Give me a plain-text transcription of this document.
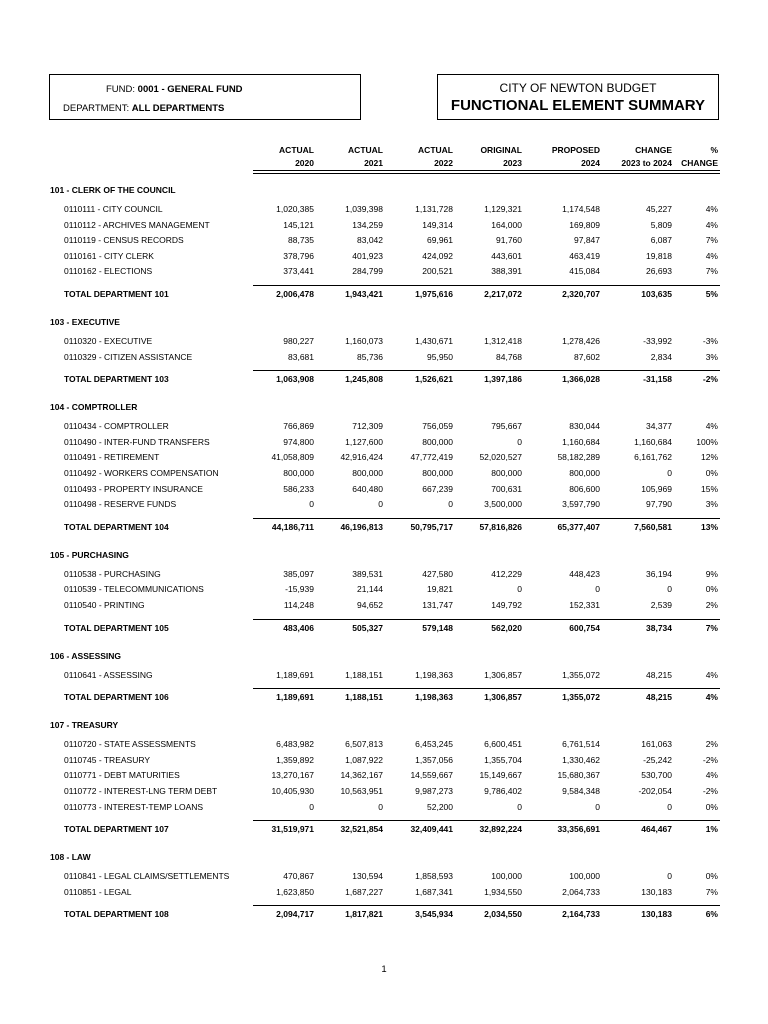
FUND: 0001 - GENERAL FUND
DEPARTMENT: ALL DEPARTMENTS
CITY OF NEWTON BUDGET
FUNCTIONAL ELEMENT SUMMARY
ACTUAL
2020
ACTUAL
2021
ACTUAL
2022
ORIGINAL
2023
PROPOSED
2024
CHANGE
2023 to 2024
%
CHANGE
101 - CLERK OF THE COUNCIL
0110111 - CITY COUNCIL	1,020,385	1,039,398	1,131,728	1,129,321	1,174,548	45,227	4%
0110112 - ARCHIVES MANAGEMENT	145,121	134,259	149,314	164,000	169,809	5,809	4%
0110119 - CENSUS RECORDS	88,735	83,042	69,961	91,760	97,847	6,087	7%
0110161 - CITY CLERK	378,796	401,923	424,092	443,601	463,419	19,818	4%
0110162 - ELECTIONS	373,441	284,799	200,521	388,391	415,084	26,693	7%
TOTAL DEPARTMENT 101	2,006,478	1,943,421	1,975,616	2,217,072	2,320,707	103,635	5%
103 - EXECUTIVE
0110320 - EXECUTIVE	980,227	1,160,073	1,430,671	1,312,418	1,278,426	-33,992	-3%
0110329 - CITIZEN ASSISTANCE	83,681	85,736	95,950	84,768	87,602	2,834	3%
TOTAL DEPARTMENT 103	1,063,908	1,245,808	1,526,621	1,397,186	1,366,028	-31,158	-2%
104 - COMPTROLLER
0110434 - COMPTROLLER	766,869	712,309	756,059	795,667	830,044	34,377	4%
0110490 - INTER-FUND TRANSFERS	974,800	1,127,600	800,000	0	1,160,684	1,160,684	100%
0110491 - RETIREMENT	41,058,809	42,916,424	47,772,419	52,020,527	58,182,289	6,161,762	12%
0110492 - WORKERS COMPENSATION	800,000	800,000	800,000	800,000	800,000	0	0%
0110493 - PROPERTY INSURANCE	586,233	640,480	667,239	700,631	806,600	105,969	15%
0110498 - RESERVE FUNDS	0	0	0	3,500,000	3,597,790	97,790	3%
TOTAL DEPARTMENT 104	44,186,711	46,196,813	50,795,717	57,816,826	65,377,407	7,560,581	13%
105 - PURCHASING
0110538 - PURCHASING	385,097	389,531	427,580	412,229	448,423	36,194	9%
0110539 - TELECOMMUNICATIONS	-15,939	21,144	19,821	0	0	0	0%
0110540 - PRINTING	114,248	94,652	131,747	149,792	152,331	2,539	2%
TOTAL DEPARTMENT 105	483,406	505,327	579,148	562,020	600,754	38,734	7%
106 - ASSESSING
0110641 - ASSESSING	1,189,691	1,188,151	1,198,363	1,306,857	1,355,072	48,215	4%
TOTAL DEPARTMENT 106	1,189,691	1,188,151	1,198,363	1,306,857	1,355,072	48,215	4%
107 - TREASURY
0110720 - STATE ASSESSMENTS	6,483,982	6,507,813	6,453,245	6,600,451	6,761,514	161,063	2%
0110745 - TREASURY	1,359,892	1,087,922	1,357,056	1,355,704	1,330,462	-25,242	-2%
0110771 - DEBT MATURITIES	13,270,167	14,362,167	14,559,667	15,149,667	15,680,367	530,700	4%
0110772 - INTEREST-LNG TERM DEBT	10,405,930	10,563,951	9,987,273	9,786,402	9,584,348	-202,054	-2%
0110773 - INTEREST-TEMP LOANS	0	0	52,200	0	0	0	0%
TOTAL DEPARTMENT 107	31,519,971	32,521,854	32,409,441	32,892,224	33,356,691	464,467	1%
108 - LAW
0110841 - LEGAL CLAIMS/SETTLEMENTS	470,867	130,594	1,858,593	100,000	100,000	0	0%
0110851 - LEGAL	1,623,850	1,687,227	1,687,341	1,934,550	2,064,733	130,183	7%
TOTAL DEPARTMENT 108	2,094,717	1,817,821	3,545,934	2,034,550	2,164,733	130,183	6%
1
